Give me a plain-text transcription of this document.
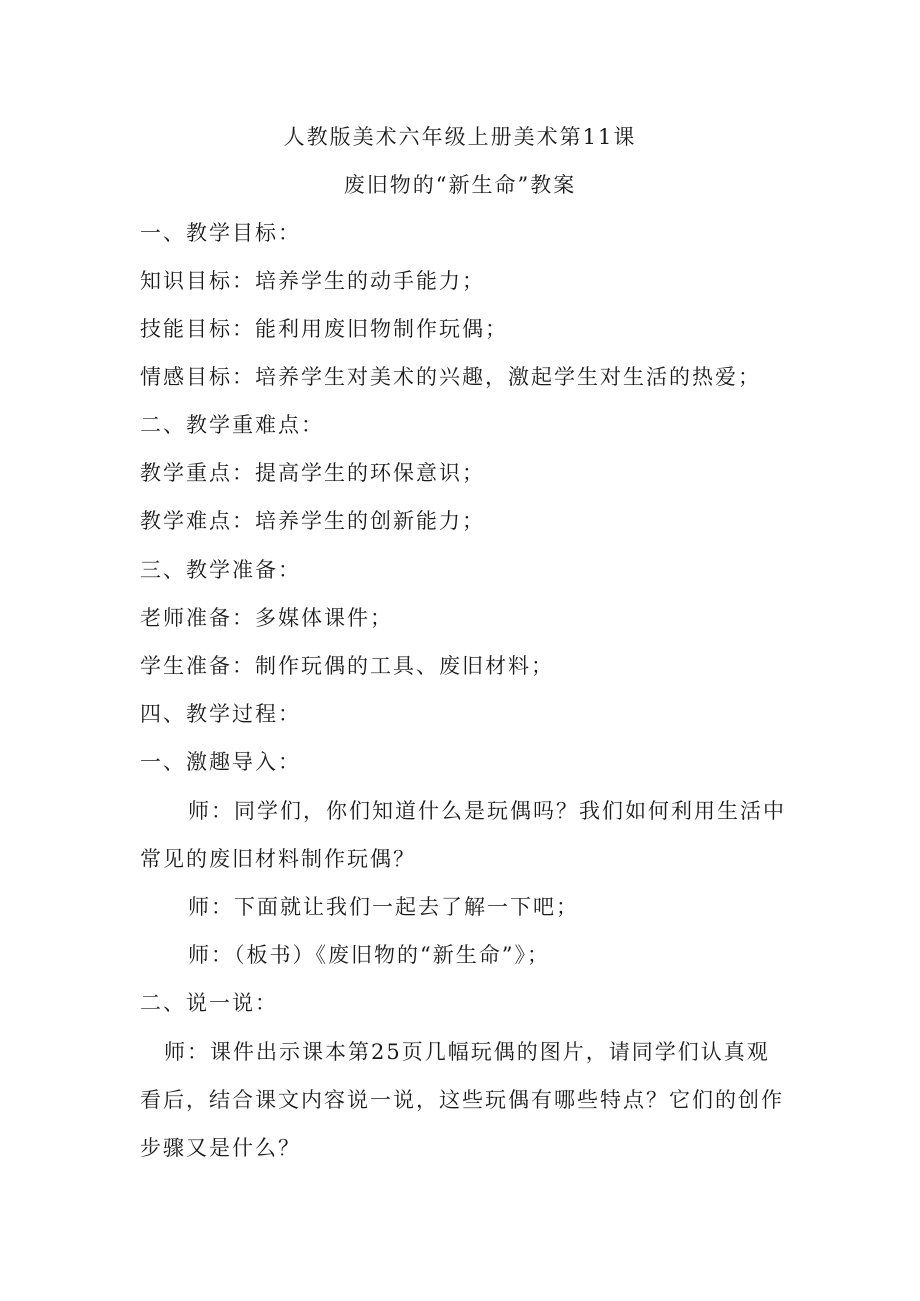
人教版美术六年级上册美术第11课
废旧物的“新生命”教案
一、教学目标：
知识目标：培养学生的动手能力；
技能目标：能利用废旧物制作玩偶；
情感目标：培养学生对美术的兴趣，激起学生对生活的热爱；
二、教学重难点：
教学重点：提高学生的环保意识；
教学难点：培养学生的创新能力；
三、教学准备：
老师准备：多媒体课件；
学生准备：制作玩偶的工具、废旧材料；
四、教学过程：
一、激趣导入：
师：同学们，你们知道什么是玩偶吗？我们如何利用生活中
常见的废旧材料制作玩偶？
师：下面就让我们一起去了解一下吧；
师：（板书）《废旧物的“新生命”》；
二、说一说：
师：课件出示课本第25页几幅玩偶的图片，请同学们认真观
看后，结合课文内容说一说，这些玩偶有哪些特点？它们的创作
步骤又是什么？
